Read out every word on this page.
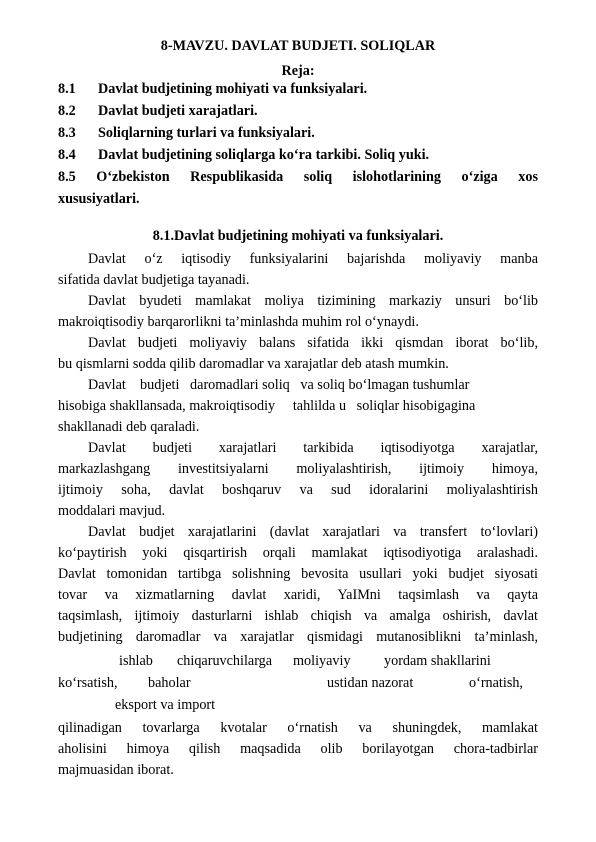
8-MAVZU. DAVLAT BUDJETI. SOLIQLAR
Reja:
8.1 Davlat budjetining mohiyati va funksiyalari.
8.2 Davlat budjeti xarajatlari.
8.3 Soliqlarning turlari va funksiyalari.
8.4 Davlat budjetining soliqlarga ko‘ra tarkibi. Soliq yuki.
8.5 O‘zbekiston Respublikasida soliq islohotlarining o‘ziga xos
xususiyatlari.
8.1.Davlat budjetining mohiyati va funksiyalari.
Davlat o‘z iqtisodiy funksiyalarini bajarishda moliyaviy manba
sifatida davlat budjetiga tayanadi.
Davlat byudeti mamlakat moliya tizimining markaziy unsuri bo‘lib
makroiqtisodiy barqarorlikni ta’minlashda muhim rol o‘ynaydi.
Davlat budjeti moliyaviy balans sifatida ikki qismdan iborat bo‘lib,
bu qismlarni sodda qilib daromadlar va xarajatlar deb atash mumkin.
Davlat    budjeti   daromadlari soliq   va soliq bo‘lmagan tushumlar
hisobiga shakllansada, makroiqtisodiy     tahlilda u   soliqlar hisobigagina
shakllanadi deb qaraladi.
Davlat budjeti xarajatlari tarkibida iqtisodiyotga xarajatlar,
markazlashgang investitsiyalarni moliyalashtirish, ijtimoiy himoya,
ijtimoiy soha, davlat boshqaruv va sud idoralarini moliyalashtirish
moddalari mavjud.
Davlat budjet xarajatlarini (davlat xarajatlari va transfert to‘lovlari)
ko‘paytirish yoki qisqartirish orqali mamlakat iqtisodiyotiga aralashadi.
Davlat tomonidan tartibga solishning bevosita usullari yoki budjet siyosati
tovar va xizmatlarning davlat xaridi, YaIMni taqsimlash va qayta
taqsimlash, ijtimoiy dasturlarni ishlab chiqish va amalga oshirish, davlat
budjetining daromadlar va xarajatlar qismidagi mutanosiblikni ta’minlash,
ishlab chiqaruvchilarga moliyaviy yordam shakllarini
ko‘rsatish, baholar	ustidan nazorat	o‘rnatish,
eksport va import
qilinadigan tovarlarga kvotalar o‘rnatish va shuningdek, mamlakat
aholisini himoya qilish maqsadida olib borilayotgan chora-tadbirlar
majmuasidan iborat.
